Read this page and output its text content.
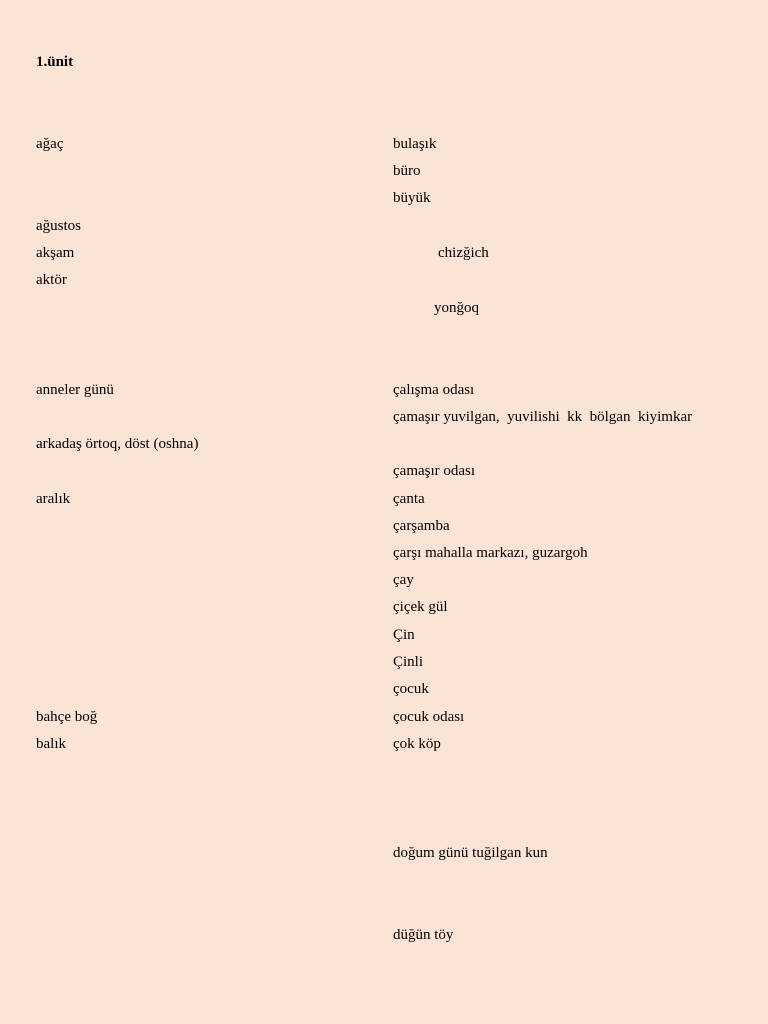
1.ünit
ağaç
ağustos
akşam
aktör
anneler günü
arkadaş örtoq, döst (oshna)
aralık
bahçe boğ
balık
bulaşık
büro
büyük
chizğich
yonğoq
çalışma odası
çamaşır yuvilgan,  yuvilishi  kk  bölgan  kiyimkar
çamaşır odası
çanta
çarşamba
çarşı mahalla markazı, guzargoh
çay
çiçek gül
Çin
Çinli
çocuk
çocuk odası
çok köp
doğum günü tuğilgan kun
düğün töy
